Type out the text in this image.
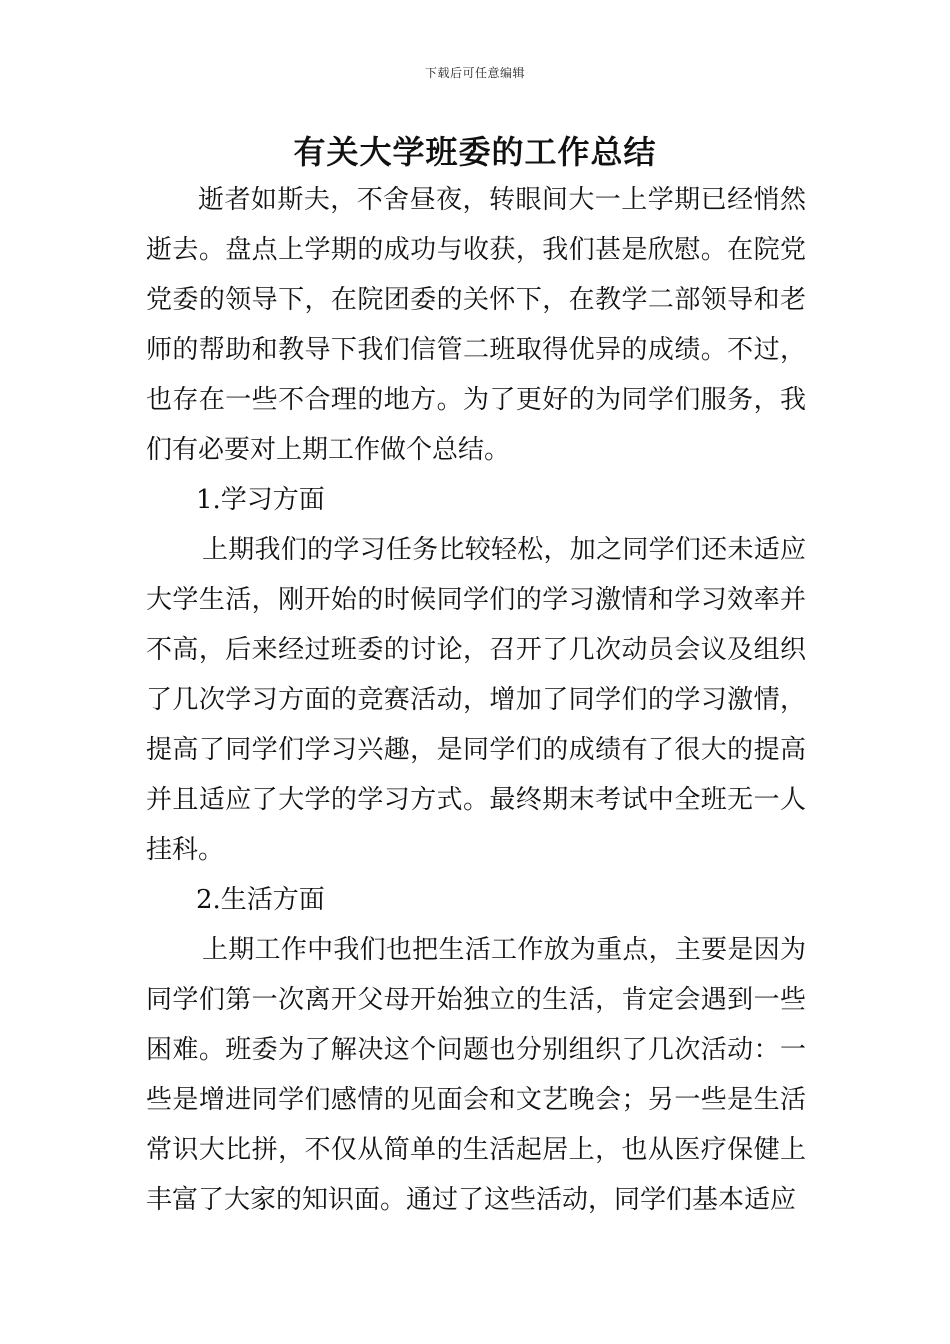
下载后可任意编辑
有关大学班委的工作总结

逝者如斯夫，不舍昼夜，转眼间大一上学期已经悄然逝去。盘点上学期的成功与收获，我们甚是欣慰。在院党党委的领导下，在院团委的关怀下，在教学二部领导和老师的帮助和教导下我们信管二班取得优异的成绩。不过，也存在一些不合理的地方。为了更好的为同学们服务，我们有必要对上期工作做个总结。

1.学习方面

上期我们的学习任务比较轻松，加之同学们还未适应大学生活，刚开始的时候同学们的学习激情和学习效率并不高，后来经过班委的讨论，召开了几次动员会议及组织了几次学习方面的竞赛活动，增加了同学们的学习激情，提高了同学们学习兴趣，是同学们的成绩有了很大的提高并且适应了大学的学习方式。最终期末考试中全班无一人挂科。

2.生活方面

上期工作中我们也把生活工作放为重点，主要是因为同学们第一次离开父母开始独立的生活，肯定会遇到一些困难。班委为了解决这个问题也分别组织了几次活动：一些是增进同学们感情的见面会和文艺晚会；另一些是生活常识大比拼，不仅从简单的生活起居上，也从医疗保健上丰富了大家的知识面。通过了这些活动，同学们基本适应
